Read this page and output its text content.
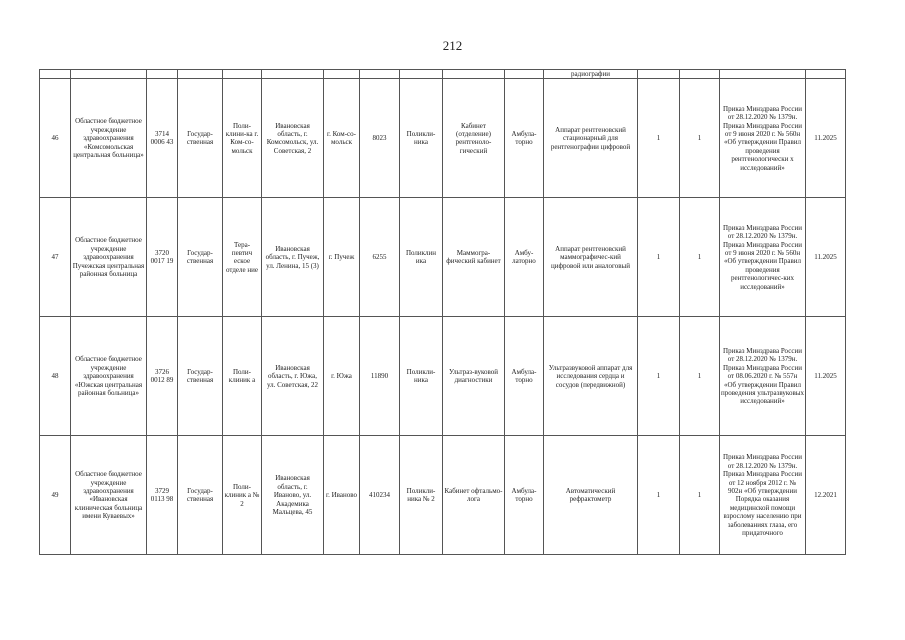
212
											радиографии				
46	Областное бюджетное учреждение здравоохранения «Комсомольская центральная больница»	3714 0006 43	Государ-ственная	Поли-клини-ка г. Ком-со-мольск	Ивановская область, г. Комсомольск, ул. Советская, 2	г. Ком-со-мольск	8023	Поликли-ника	Кабинет (отделение) рентгеноло-гический	Амбула-торно	Аппарат рентгеновский стационарный для рентгенографии цифровой	1	1	Приказ Минздрава России от 28.12.2020 № 1379н. Приказ Минздрава России от 9 июня 2020 г. № 560н «Об утверждении Правил проведения рентгенологически х исследований»	11.2025
47	Областное бюджетное учреждение здравоохранения Пучежская центральная районная больница	3720 0017 19	Государ-ственная	Тера-певтич еское отделе ние	Ивановская область, г. Пучеж, ул. Ленина, 15 (3)	г. Пучеж	6255	Поликлин ика	Маммогра-фический кабинет	Амбу-латорно	Аппарат рентгеновский маммографичес-кий цифровой или аналоговый	1	1	Приказ Минздрава России от 28.12.2020 № 1379н. Приказ Минздрава России от 9 июня 2020 г. № 560н «Об утверждении Правил проведения рентгенологичес-ких исследований»	11.2025
48	Областное бюджетное учреждение здравоохранения «Южская центральная районная больница»	3726 0012 89	Государ-ственная	Поли-клиник а	Ивановская область, г. Южа, ул. Советская, 22	г. Южа	11890	Поликли-ника	Ультраз-вуковой диагностики	Амбула-торно	Ультразвуковой аппарат для исследования сердца и сосудов (передвижной)	1	1	Приказ Минздрава России от 28.12.2020 № 1379н. Приказ Минздрава России от 08.06.2020 г. № 557н «Об утверждении Правил проведения ультразвуковых исследований»	11.2025
49	Областное бюджетное учреждение здравоохранения «Ивановская клиническая больница имени Куваевых»	3729 0113 98	Государ-ственная	Поли-клиник а № 2	Ивановская область, г. Иваново, ул. Академика Мальцева, 45	г. Иваново	410234	Поликли-ника № 2	Кабинет офтальмо-лога	Амбула-торно	Автоматический рефрактометр	1	1	Приказ Минздрава России от 28.12.2020 № 1379н. Приказ Минздрава России от 12 ноября 2012 г. № 902н «Об утверждении Порядка оказания медицинской помощи взрослому населению при заболеваниях глаза, его придаточного	12.2021
